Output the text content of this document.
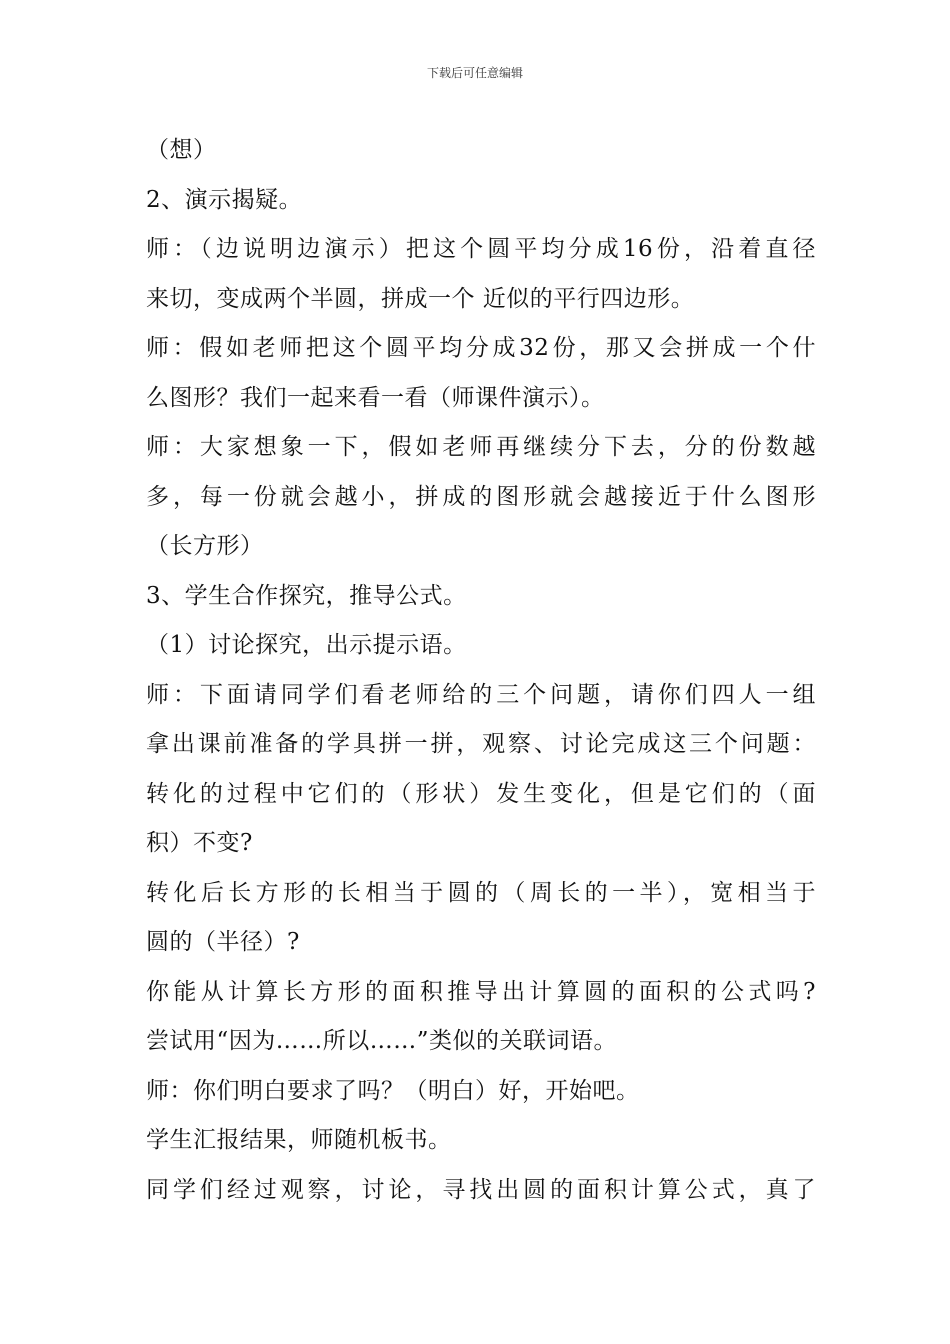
下载后可任意编辑
（想）
2、演示揭疑。
师：（边说明边演示）把这个圆平均分成16份，沿着直径
来切，变成两个半圆，拼成一个 近似的平行四边形。
师：假如老师把这个圆平均分成32份，那又会拼成一个什
么图形？我们一起来看一看（师课件演示）。
师：大家想象一下，假如老师再继续分下去，分的份数越
多，每一份就会越小，拼成的图形就会越接近于什么图形
（长方形）
3、学生合作探究，推导公式。
（1）讨论探究，出示提示语。
师：下面请同学们看老师给的三个问题，请你们四人一组
拿出课前准备的学具拼一拼，观察、讨论完成这三个问题：
转化的过程中它们的（形状）发生变化，但是它们的（面
积）不变?
转化后长方形的长相当于圆的（周长的一半），宽相当于
圆的（半径）?
你能从计算长方形的面积推导出计算圆的面积的公式吗?
尝试用“因为……所以……”类似的关联词语。
师：你们明白要求了吗？（明白）好，开始吧。
学生汇报结果，师随机板书。
同学们经过观察，讨论，寻找出圆的面积计算公式，真了
